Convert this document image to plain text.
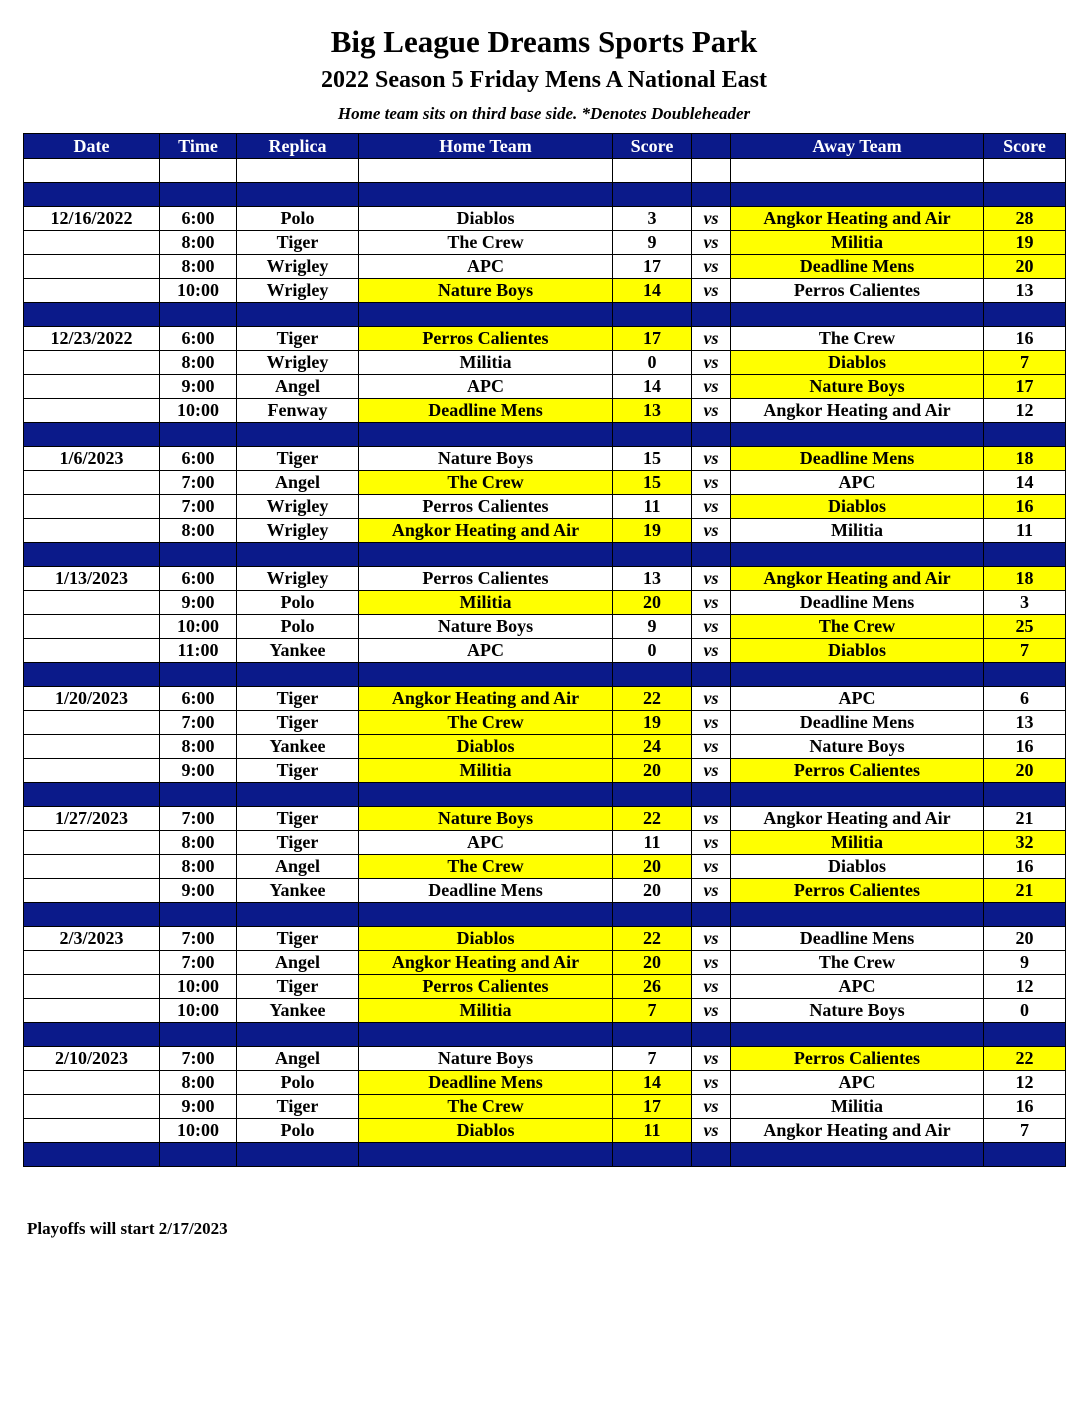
Big League Dreams Sports Park
2022 Season 5 Friday Mens A National East
Home team sits on third base side. *Denotes Doubleheader
Date	Time	Replica	Home Team	Score		Away Team	Score

12/16/2022	6:00	Polo	Diablos	3	vs	Angkor Heating and Air	28
	8:00	Tiger	The Crew	9	vs	Militia	19
	8:00	Wrigley	APC	17	vs	Deadline Mens	20
	10:00	Wrigley	Nature Boys	14	vs	Perros Calientes	13

12/23/2022	6:00	Tiger	Perros Calientes	17	vs	The Crew	16
	8:00	Wrigley	Militia	0	vs	Diablos	7
	9:00	Angel	APC	14	vs	Nature Boys	17
	10:00	Fenway	Deadline Mens	13	vs	Angkor Heating and Air	12

1/6/2023	6:00	Tiger	Nature Boys	15	vs	Deadline Mens	18
	7:00	Angel	The Crew	15	vs	APC	14
	7:00	Wrigley	Perros Calientes	11	vs	Diablos	16
	8:00	Wrigley	Angkor Heating and Air	19	vs	Militia	11

1/13/2023	6:00	Wrigley	Perros Calientes	13	vs	Angkor Heating and Air	18
	9:00	Polo	Militia	20	vs	Deadline Mens	3
	10:00	Polo	Nature Boys	9	vs	The Crew	25
	11:00	Yankee	APC	0	vs	Diablos	7

1/20/2023	6:00	Tiger	Angkor Heating and Air	22	vs	APC	6
	7:00	Tiger	The Crew	19	vs	Deadline Mens	13
	8:00	Yankee	Diablos	24	vs	Nature Boys	16
	9:00	Tiger	Militia	20	vs	Perros Calientes	20

1/27/2023	7:00	Tiger	Nature Boys	22	vs	Angkor Heating and Air	21
	8:00	Tiger	APC	11	vs	Militia	32
	8:00	Angel	The Crew	20	vs	Diablos	16
	9:00	Yankee	Deadline Mens	20	vs	Perros Calientes	21

2/3/2023	7:00	Tiger	Diablos	22	vs	Deadline Mens	20
	7:00	Angel	Angkor Heating and Air	20	vs	The Crew	9
	10:00	Tiger	Perros Calientes	26	vs	APC	12
	10:00	Yankee	Militia	7	vs	Nature Boys	0

2/10/2023	7:00	Angel	Nature Boys	7	vs	Perros Calientes	22
	8:00	Polo	Deadline Mens	14	vs	APC	12
	9:00	Tiger	The Crew	17	vs	Militia	16
	10:00	Polo	Diablos	11	vs	Angkor Heating and Air	7

Playoffs will start 2/17/2023
